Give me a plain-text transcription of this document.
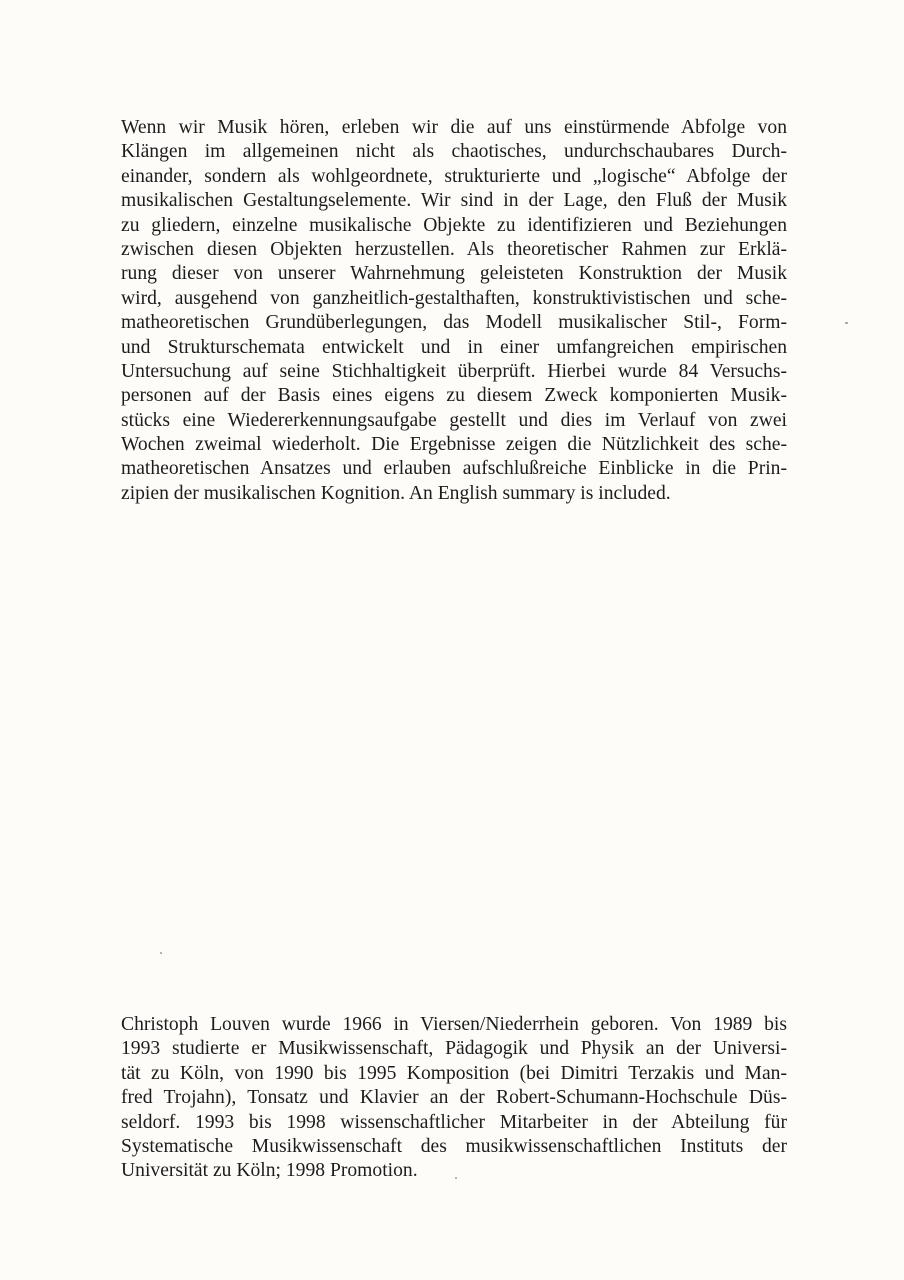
Wenn wir Musik hören, erleben wir die auf uns einstürmende Abfolge von
Klängen im allgemeinen nicht als chaotisches, undurchschaubares Durch-
einander, sondern als wohlgeordnete, strukturierte und „logische“ Abfolge der
musikalischen Gestaltungselemente. Wir sind in der Lage, den Fluß der Musik
zu gliedern, einzelne musikalische Objekte zu identifizieren und Beziehungen
zwischen diesen Objekten herzustellen. Als theoretischer Rahmen zur Erklä-
rung dieser von unserer Wahrnehmung geleisteten Konstruktion der Musik
wird, ausgehend von ganzheitlich-gestalthaften, konstruktivistischen und sche-
matheoretischen Grundüberlegungen, das Modell musikalischer Stil-, Form-
und Strukturschemata entwickelt und in einer umfangreichen empirischen
Untersuchung auf seine Stichhaltigkeit überprüft. Hierbei wurde 84 Versuchs-
personen auf der Basis eines eigens zu diesem Zweck komponierten Musik-
stücks eine Wiedererkennungsaufgabe gestellt und dies im Verlauf von zwei
Wochen zweimal wiederholt. Die Ergebnisse zeigen die Nützlichkeit des sche-
matheoretischen Ansatzes und erlauben aufschlußreiche Einblicke in die Prin-
zipien der musikalischen Kognition. An English summary is included.
Christoph Louven wurde 1966 in Viersen/Niederrhein geboren. Von 1989 bis
1993 studierte er Musikwissenschaft, Pädagogik und Physik an der Universi-
tät zu Köln, von 1990 bis 1995 Komposition (bei Dimitri Terzakis und Man-
fred Trojahn), Tonsatz und Klavier an der Robert-Schumann-Hochschule Düs-
seldorf. 1993 bis 1998 wissenschaftlicher Mitarbeiter in der Abteilung für
Systematische Musikwissenschaft des musikwissenschaftlichen Instituts der
Universität zu Köln; 1998 Promotion.
